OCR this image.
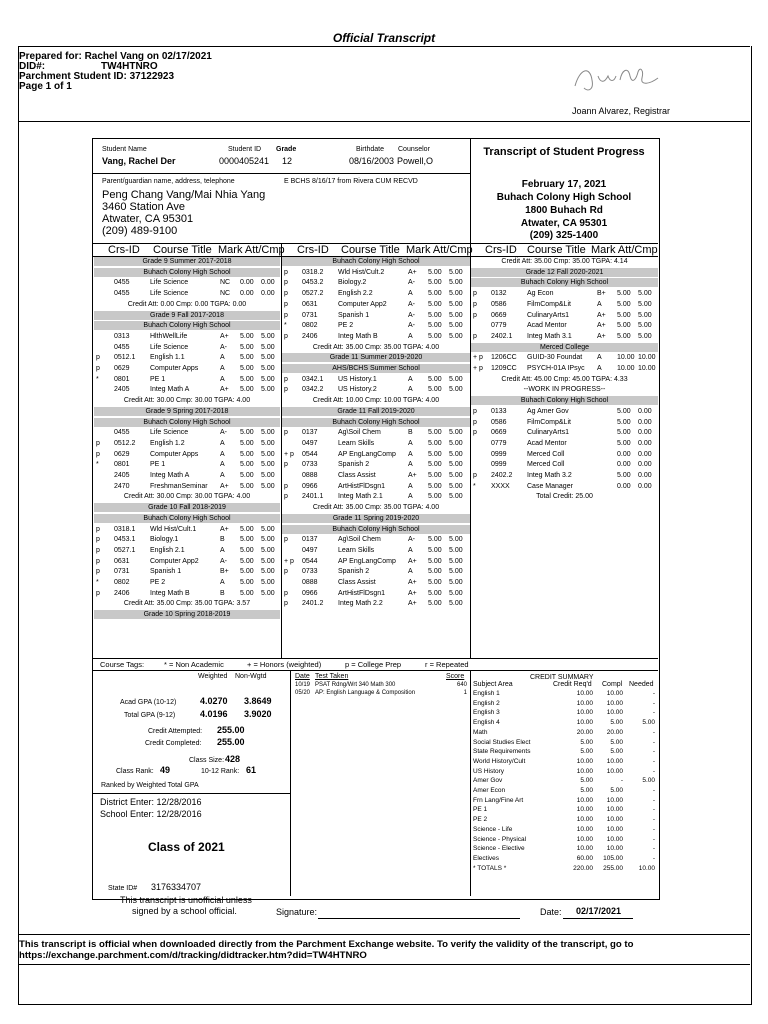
Official Transcript
Prepared for: Rachel Vang on 02/17/2021
DID#:	TW4HTNRO
Parchment Student ID: 37122923
Page 1 of 1
Joann Alvarez, Registrar
Student Name
Vang, Rachel Der
Student ID
0000405241
Grade
12
Birthdate
08/16/2003
Counselor
Powell,O
Parent/guardian name, address, telephone
Peng Chang Vang/Mai Nhia Yang
3460 Station Ave
Atwater, CA 95301
(209) 489-9100
E BCHS 8/16/17 from Rivera CUM RECVD
Transcript of Student Progress
February 17, 2021
Buhach Colony High School
1800 Buhach Rd
Atwater, CA 95301
(209) 325-1400
Crs-ID Course Title Mark Att/Cmp Crs-ID Course Title Mark Att/Cmp Crs-ID Course Title Mark Att/Cmp
Grade 9 Summer 2017-2018
Buhach Colony High School
0455	Life Science	NC 0.00 0.00
0455	Life Science	NC 0.00 0.00
Credit Att: 0.00 Cmp: 0.00 TGPA: 0.00
Grade 9 Fall 2017-2018
Buhach Colony High School
0313	HlthWellLife	A+ 5.00 5.00
0455	Life Science	A- 5.00 5.00
p 0512.1 English 1.1	A 5.00 5.00
p 0629	Computer Apps	A 5.00 5.00
* 0801	PE 1	A 5.00 5.00
2405	Integ Math A	A+ 5.00 5.00
Credit Att: 30.00 Cmp: 30.00 TGPA: 4.00
Grade 9 Spring 2017-2018
Buhach Colony High School
0455	Life Science	A- 5.00 5.00
p 0512.2 English 1.2	A 5.00 5.00
p 0629	Computer Apps	A 5.00 5.00
* 0801	PE 1	A 5.00 5.00
2405	Integ Math A	A 5.00 5.00
2470	FreshmanSeminar A+ 5.00 5.00
Credit Att: 30.00 Cmp: 30.00 TGPA: 4.00
Grade 10 Fall 2018-2019
Buhach Colony High School
p 0318.1 Wld Hist/Cult.1	A+ 5.00 5.00
p 0453.1 Biology.1	B 5.00 5.00
p 0527.1 English 2.1	A 5.00 5.00
p 0631	Computer App2	A- 5.00 5.00
p 0731	Spanish 1	B+ 5.00 5.00
* 0802	PE 2	A 5.00 5.00
p 2406	Integ Math B	B 5.00 5.00
Credit Att: 35.00 Cmp: 35.00 TGPA: 3.57
Grade 10 Spring 2018-2019
Buhach Colony High School
p 0318.2 Wld Hist/Cult.2	A+ 5.00 5.00
p 0453.2 Biology.2	A- 5.00 5.00
p 0527.2 English 2.2	A 5.00 5.00
p 0631	Computer App2	A- 5.00 5.00
p 0731	Spanish 1	A- 5.00 5.00
* 0802	PE 2	A- 5.00 5.00
p 2406	Integ Math B	A 5.00 5.00
Credit Att: 35.00 Cmp: 35.00 TGPA: 4.00
Grade 11 Summer 2019-2020
AHS/BCHS Summer School
p 0342.1 US History.1	A 5.00 5.00
p 0342.2 US History.2	A 5.00 5.00
Credit Att: 10.00 Cmp: 10.00 TGPA: 4.00
Grade 11 Fall 2019-2020
Buhach Colony High School
p 0137	Ag\Soil Chem	B 5.00 5.00
0497	Learn Skills	A 5.00 5.00
+ p 0544	AP EngLangComp A 5.00 5.00
p 0733	Spanish 2	A 5.00 5.00
0888	Class Assist	A+ 5.00 5.00
p 0966	ArtHistFlDsgn1	A 5.00 5.00
p 2401.1 Integ Math 2.1	A 5.00 5.00
Credit Att: 35.00 Cmp: 35.00 TGPA: 4.00
Grade 11 Spring 2019-2020
Buhach Colony High School
p 0137	Ag\Soil Chem	A- 5.00 5.00
0497	Learn Skills	A 5.00 5.00
+ p 0544	AP EngLangComp A+ 5.00 5.00
p 0733	Spanish 2	A 5.00 5.00
0888	Class Assist	A+ 5.00 5.00
p 0966	ArtHistFlDsgn1	A+ 5.00 5.00
p 2401.2 Integ Math 2.2	A+ 5.00 5.00
Credit Att: 35.00 Cmp: 35.00 TGPA: 4.14
Grade 12 Fall 2020-2021
Buhach Colony High School
p 0132	Ag Econ	B+ 5.00 5.00
p 0586	FilmComp&Lit	A 5.00 5.00
p 0669	CulinaryArts1	A+ 5.00 5.00
0779	Acad Mentor	A+ 5.00 5.00
p 2402.1 Integ Math 3.1	A+ 5.00 5.00
Merced College
+ p 1206CC GUID-30 Foundat A 10.00 10.00
+ p 1209CC PSYCH-01A IPsyc A 10.00 10.00
Credit Att: 45.00 Cmp: 45.00 TGPA: 4.33
--WORK IN PROGRESS--
Buhach Colony High School
p 0133	Ag Amer Gov	5.00 0.00
p 0586	FilmComp&Lit	5.00 0.00
p 0669	CulinaryArts1	5.00 0.00
0779	Acad Mentor	5.00 0.00
0999	Merced Coll	0.00 0.00
0999	Merced Coll	0.00 0.00
p 2402.2 Integ Math 3.2	5.00 0.00
* XXXX Case Manager	0.00 0.00
Total Credit: 25.00
Course Tags:	* = Non Academic	+ = Honors (weighted)	p = College Prep	r = Repeated
Weighted Non-Wgtd
Acad GPA (10-12)	4.0270 3.8649
Total GPA (9-12)	4.0196 3.9020
Credit Attempted: 255.00
Credit Completed: 255.00
Class Size: 428
Class Rank: 49	10-12 Rank: 61
Ranked by Weighted Total GPA
District Enter: 12/28/2016
School Enter: 12/28/2016
Class of 2021
State ID# 3176334707
Date Test Taken	Score
10/19 PSAT Rdng/Wrt 340 Math 300	640
05/20 AP: English Language & Composition	1
CREDIT SUMMARY
Subject Area	Credit Req'd Compl Needed
English 1	10.00 10.00	-
English 2	10.00 10.00	-
English 3	10.00 10.00	-
English 4	10.00	5.00	5.00
Math	20.00 20.00	-
Social Studies Elect	5.00	5.00	-
State Requirements	5.00	5.00	-
World History/Cult	10.00 10.00	-
US History	10.00 10.00	-
Amer Gov	5.00	-	5.00
Amer Econ	5.00	5.00	-
Frn Lang/Fine Art	10.00 10.00	-
PE 1	10.00 10.00	-
PE 2	10.00 10.00	-
Science - Life	10.00 10.00	-
Science - Physical	10.00 10.00	-
Science - Elective	10.00 10.00	-
Electives	60.00 105.00	-
* TOTALS *	220.00 255.00 10.00
This transcript is unofficial unless
signed by a school official.	Signature:	Date: 02/17/2021
This transcript is official when downloaded directly from the Parchment Exchange website. To verify the validity of the transcript, go to
https://exchange.parchment.com/d/tracking/didtracker.htm?did=TW4HTNRO
